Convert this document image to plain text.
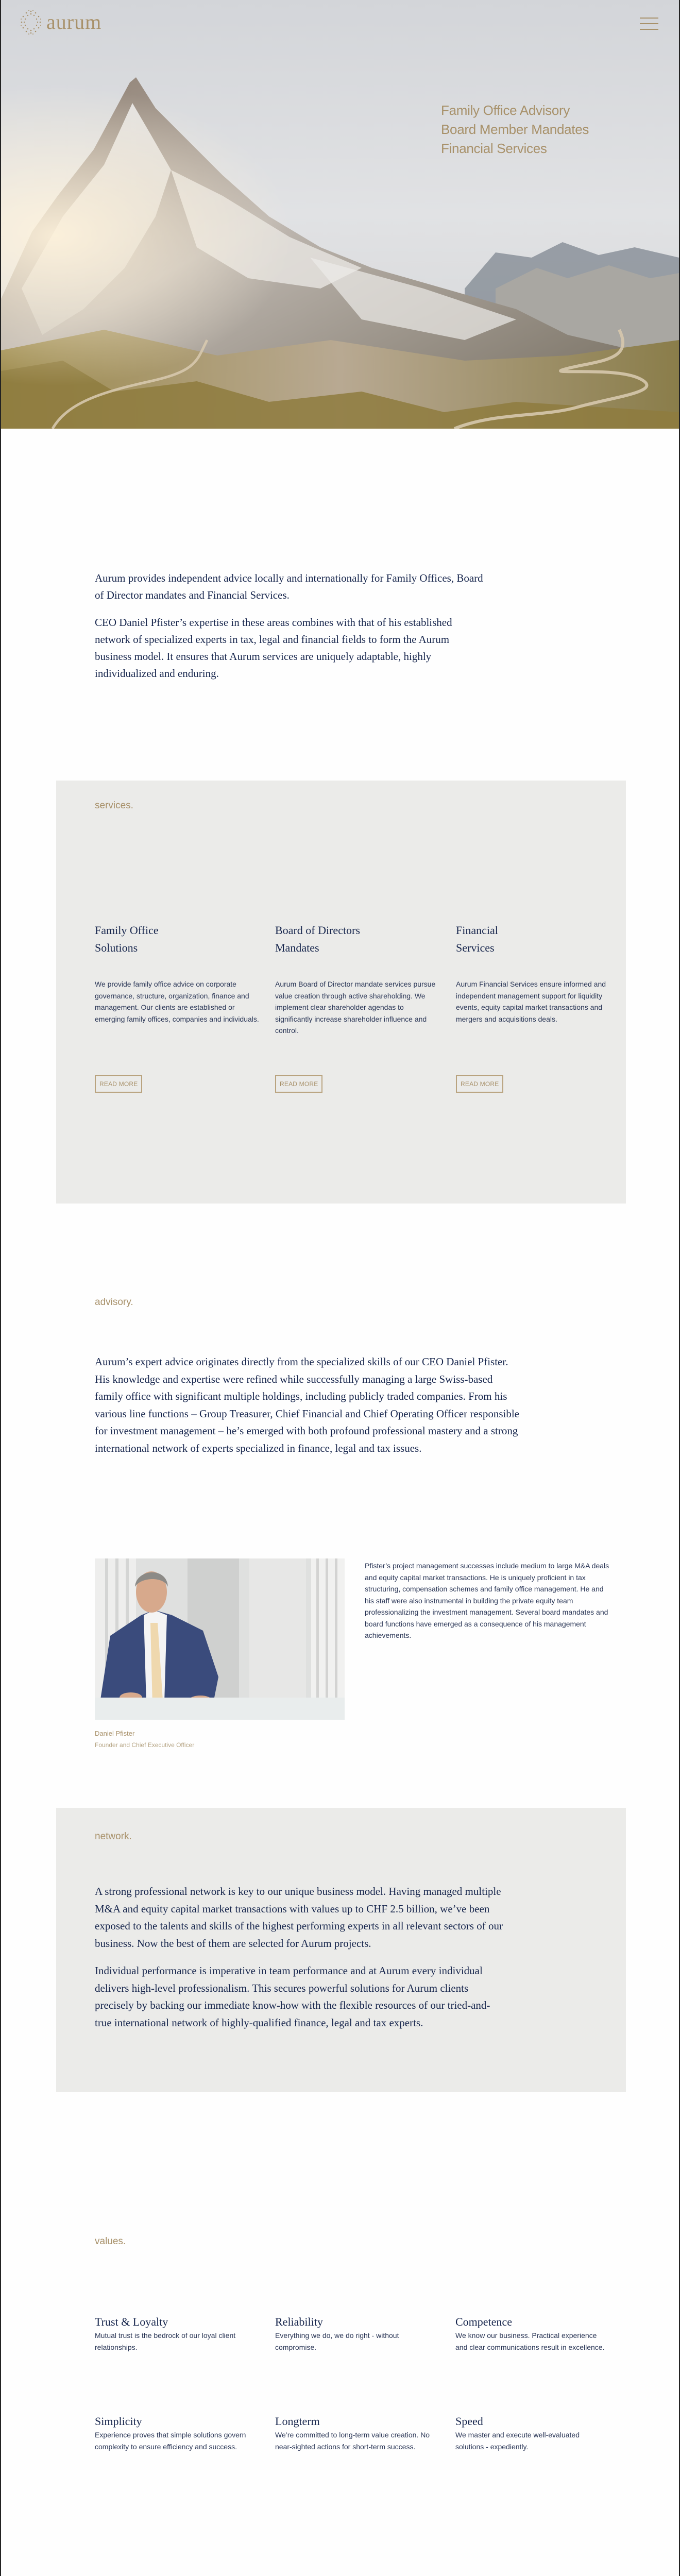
aurum
Family Office Advisory
Board Member Mandates
Financial Services

Aurum provides independent advice locally and internationally for Family Offices, Board of Director mandates and Financial Services.

CEO Daniel Pfister’s expertise in these areas combines with that of his established network of specialized experts in tax, legal and financial fields to form the Aurum business model. It ensures that Aurum services are uniquely adaptable, highly individualized and enduring.

services.
Family Office Solutions
We provide family office advice on corporate governance, structure, organization, finance and management. Our clients are established or emerging family offices, companies and individuals.
READ MORE
Board of Directors Mandates
Aurum Board of Director mandate services pursue value creation through active shareholding. We implement clear shareholder agendas to significantly increase shareholder influence and control.
READ MORE
Financial Services
Aurum Financial Services ensure informed and independent management support for liquidity events, equity capital market transactions and mergers and acquisitions deals.
READ MORE
advisory.
Aurum’s expert advice originates directly from the specialized skills of our CEO Daniel Pfister. His knowledge and expertise were refined while successfully managing a large Swiss-based family office with significant multiple holdings, including publicly traded companies. From his various line functions – Group Treasurer, Chief Financial and Chief Operating Officer responsible for investment management – he’s emerged with both profound professional mastery and a strong international network of experts specialized in finance, legal and tax issues.
Daniel Pfister
Founder and Chief Executive Officer
Pfister’s project management successes include medium to large M&A deals and equity capital market transactions. He is uniquely proficient in tax structuring, compensation schemes and family office management. He and his staff were also instrumental in building the private equity team professionalizing the investment management. Several board mandates and board functions have emerged as a consequence of his management achievements.
network.

A strong professional network is key to our unique business model. Having managed multiple M&A and equity capital market transactions with values up to CHF 2.5 billion, we’ve been exposed to the talents and skills of the highest performing experts in all relevant sectors of our business. Now the best of them are selected for Aurum projects.

Individual performance is imperative in team performance and at Aurum every individual delivers high-level professionalism. This secures powerful solutions for Aurum clients precisely by backing our immediate know-how with the flexible resources of our tried-and-true international network of highly-qualified finance, legal and tax experts.

values.
Trust & Loyalty
Mutual trust is the bedrock of our loyal client relationships.
Reliability
Everything we do, we do right - without compromise.
Competence
We know our business. Practical experience and clear communications result in excellence.
Simplicity
Experience proves that simple solutions govern complexity to ensure efficiency and success.
Longterm
We’re committed to long-term value creation. No near-sighted actions for short-term success.
Speed
We master and execute well-evaluated solutions - expediently.
